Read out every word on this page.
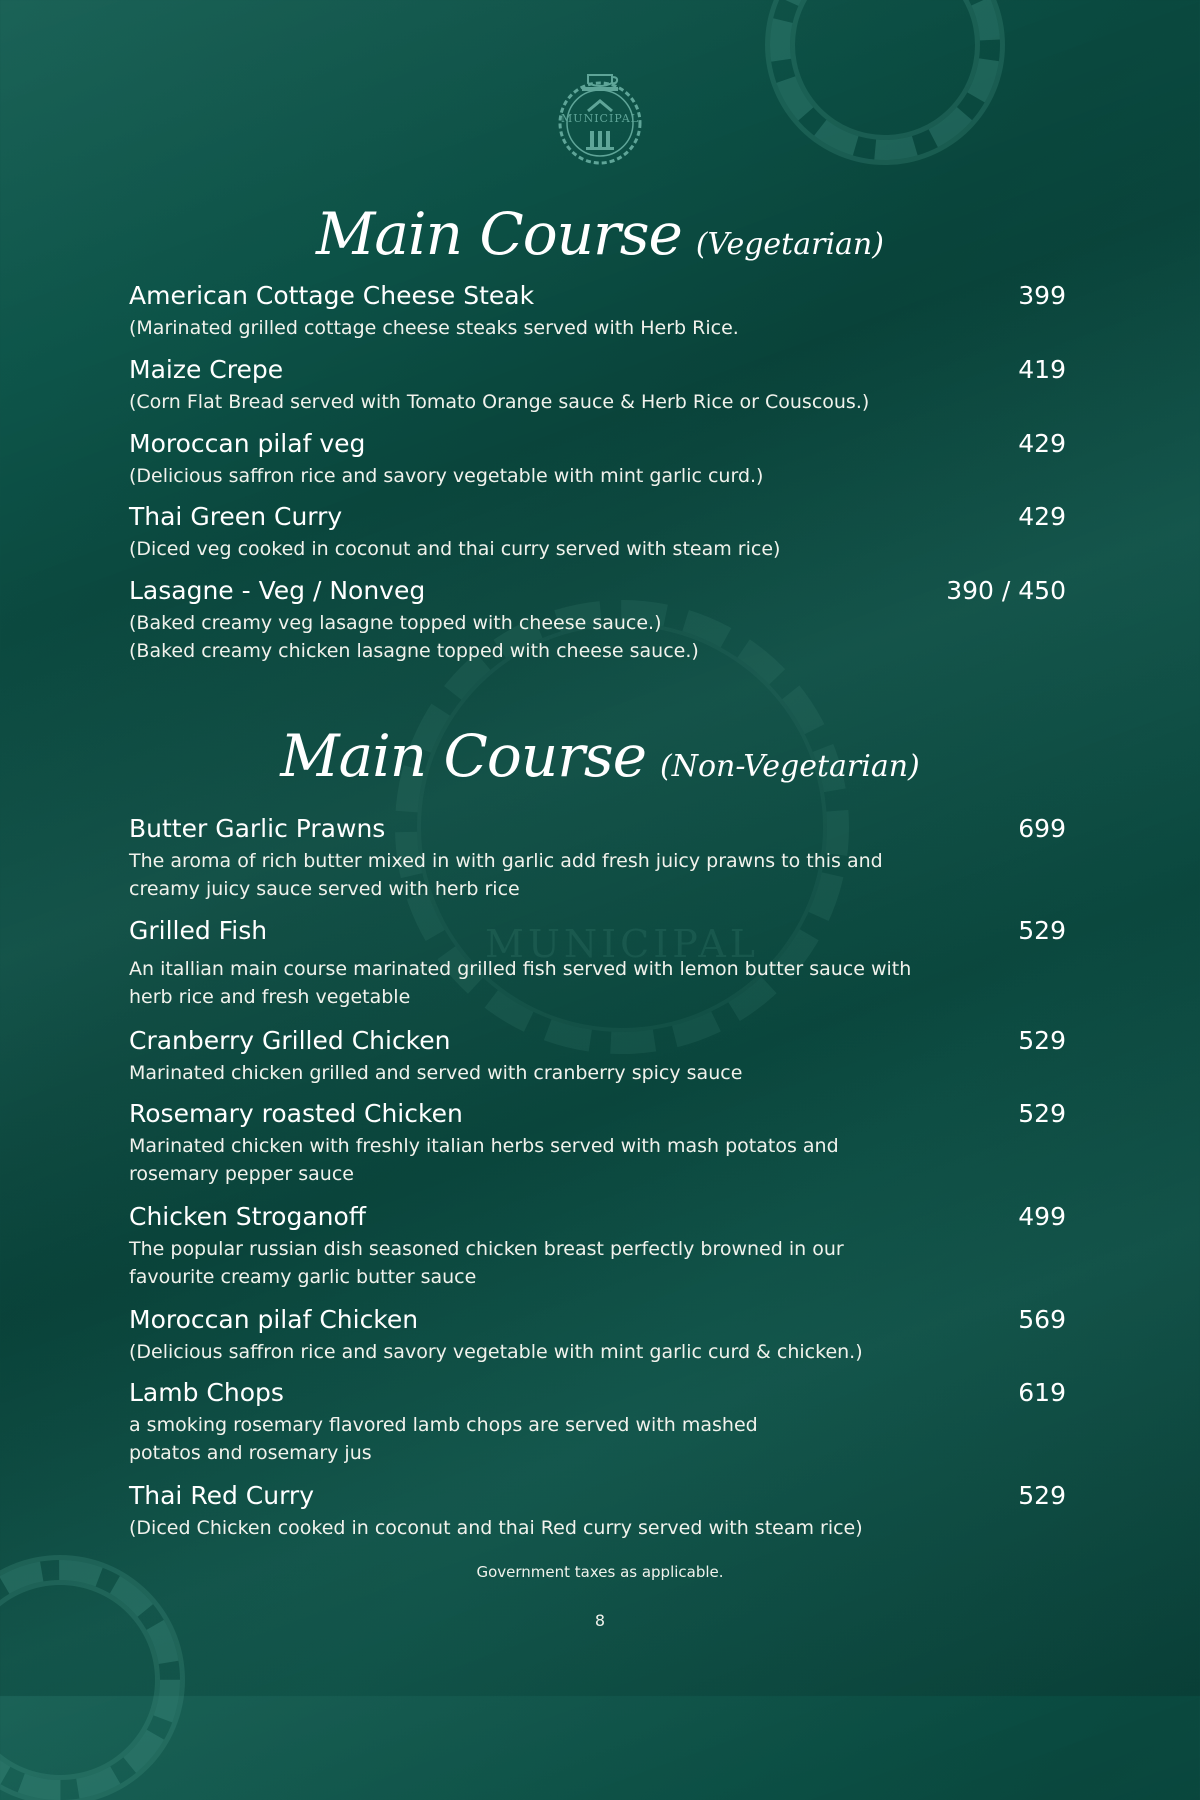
MUNICIPAL
MUNICIPAL
Main Course (Vegetarian)
American Cottage Cheese Steak	399
(Marinated grilled cottage cheese steaks served with Herb Rice.
Maize Crepe	419
(Corn Flat Bread served with Tomato Orange sauce & Herb Rice or Couscous.)
Moroccan pilaf veg	429
(Delicious saffron rice and savory vegetable with mint garlic curd.)
Thai Green Curry	429
(Diced veg cooked in coconut and thai curry served with steam rice)
Lasagne - Veg / Nonveg	390 / 450
(Baked creamy veg lasagne topped with cheese sauce.)
(Baked creamy chicken lasagne topped with cheese sauce.)
Main Course (Non-Vegetarian)
Butter Garlic Prawns	699
The aroma of rich butter mixed in with garlic add fresh juicy prawns to this and
creamy juicy sauce served with herb rice
Grilled Fish	529
An itallian main course marinated grilled fish served with lemon butter sauce with
herb rice and fresh vegetable
Cranberry Grilled Chicken	529
Marinated chicken grilled and served with cranberry spicy sauce
Rosemary roasted Chicken	529
Marinated chicken with freshly italian herbs served with mash potatos and
rosemary pepper sauce
Chicken Stroganoff	499
The popular russian dish seasoned chicken breast perfectly browned in our
favourite creamy garlic butter sauce
Moroccan pilaf Chicken	569
(Delicious saffron rice and savory vegetable with mint garlic curd & chicken.)
Lamb Chops	619
a smoking rosemary flavored lamb chops are served with mashed
potatos and rosemary jus
Thai Red Curry	529
(Diced Chicken cooked in coconut and thai Red curry served with steam rice)
Government taxes as applicable.
8
